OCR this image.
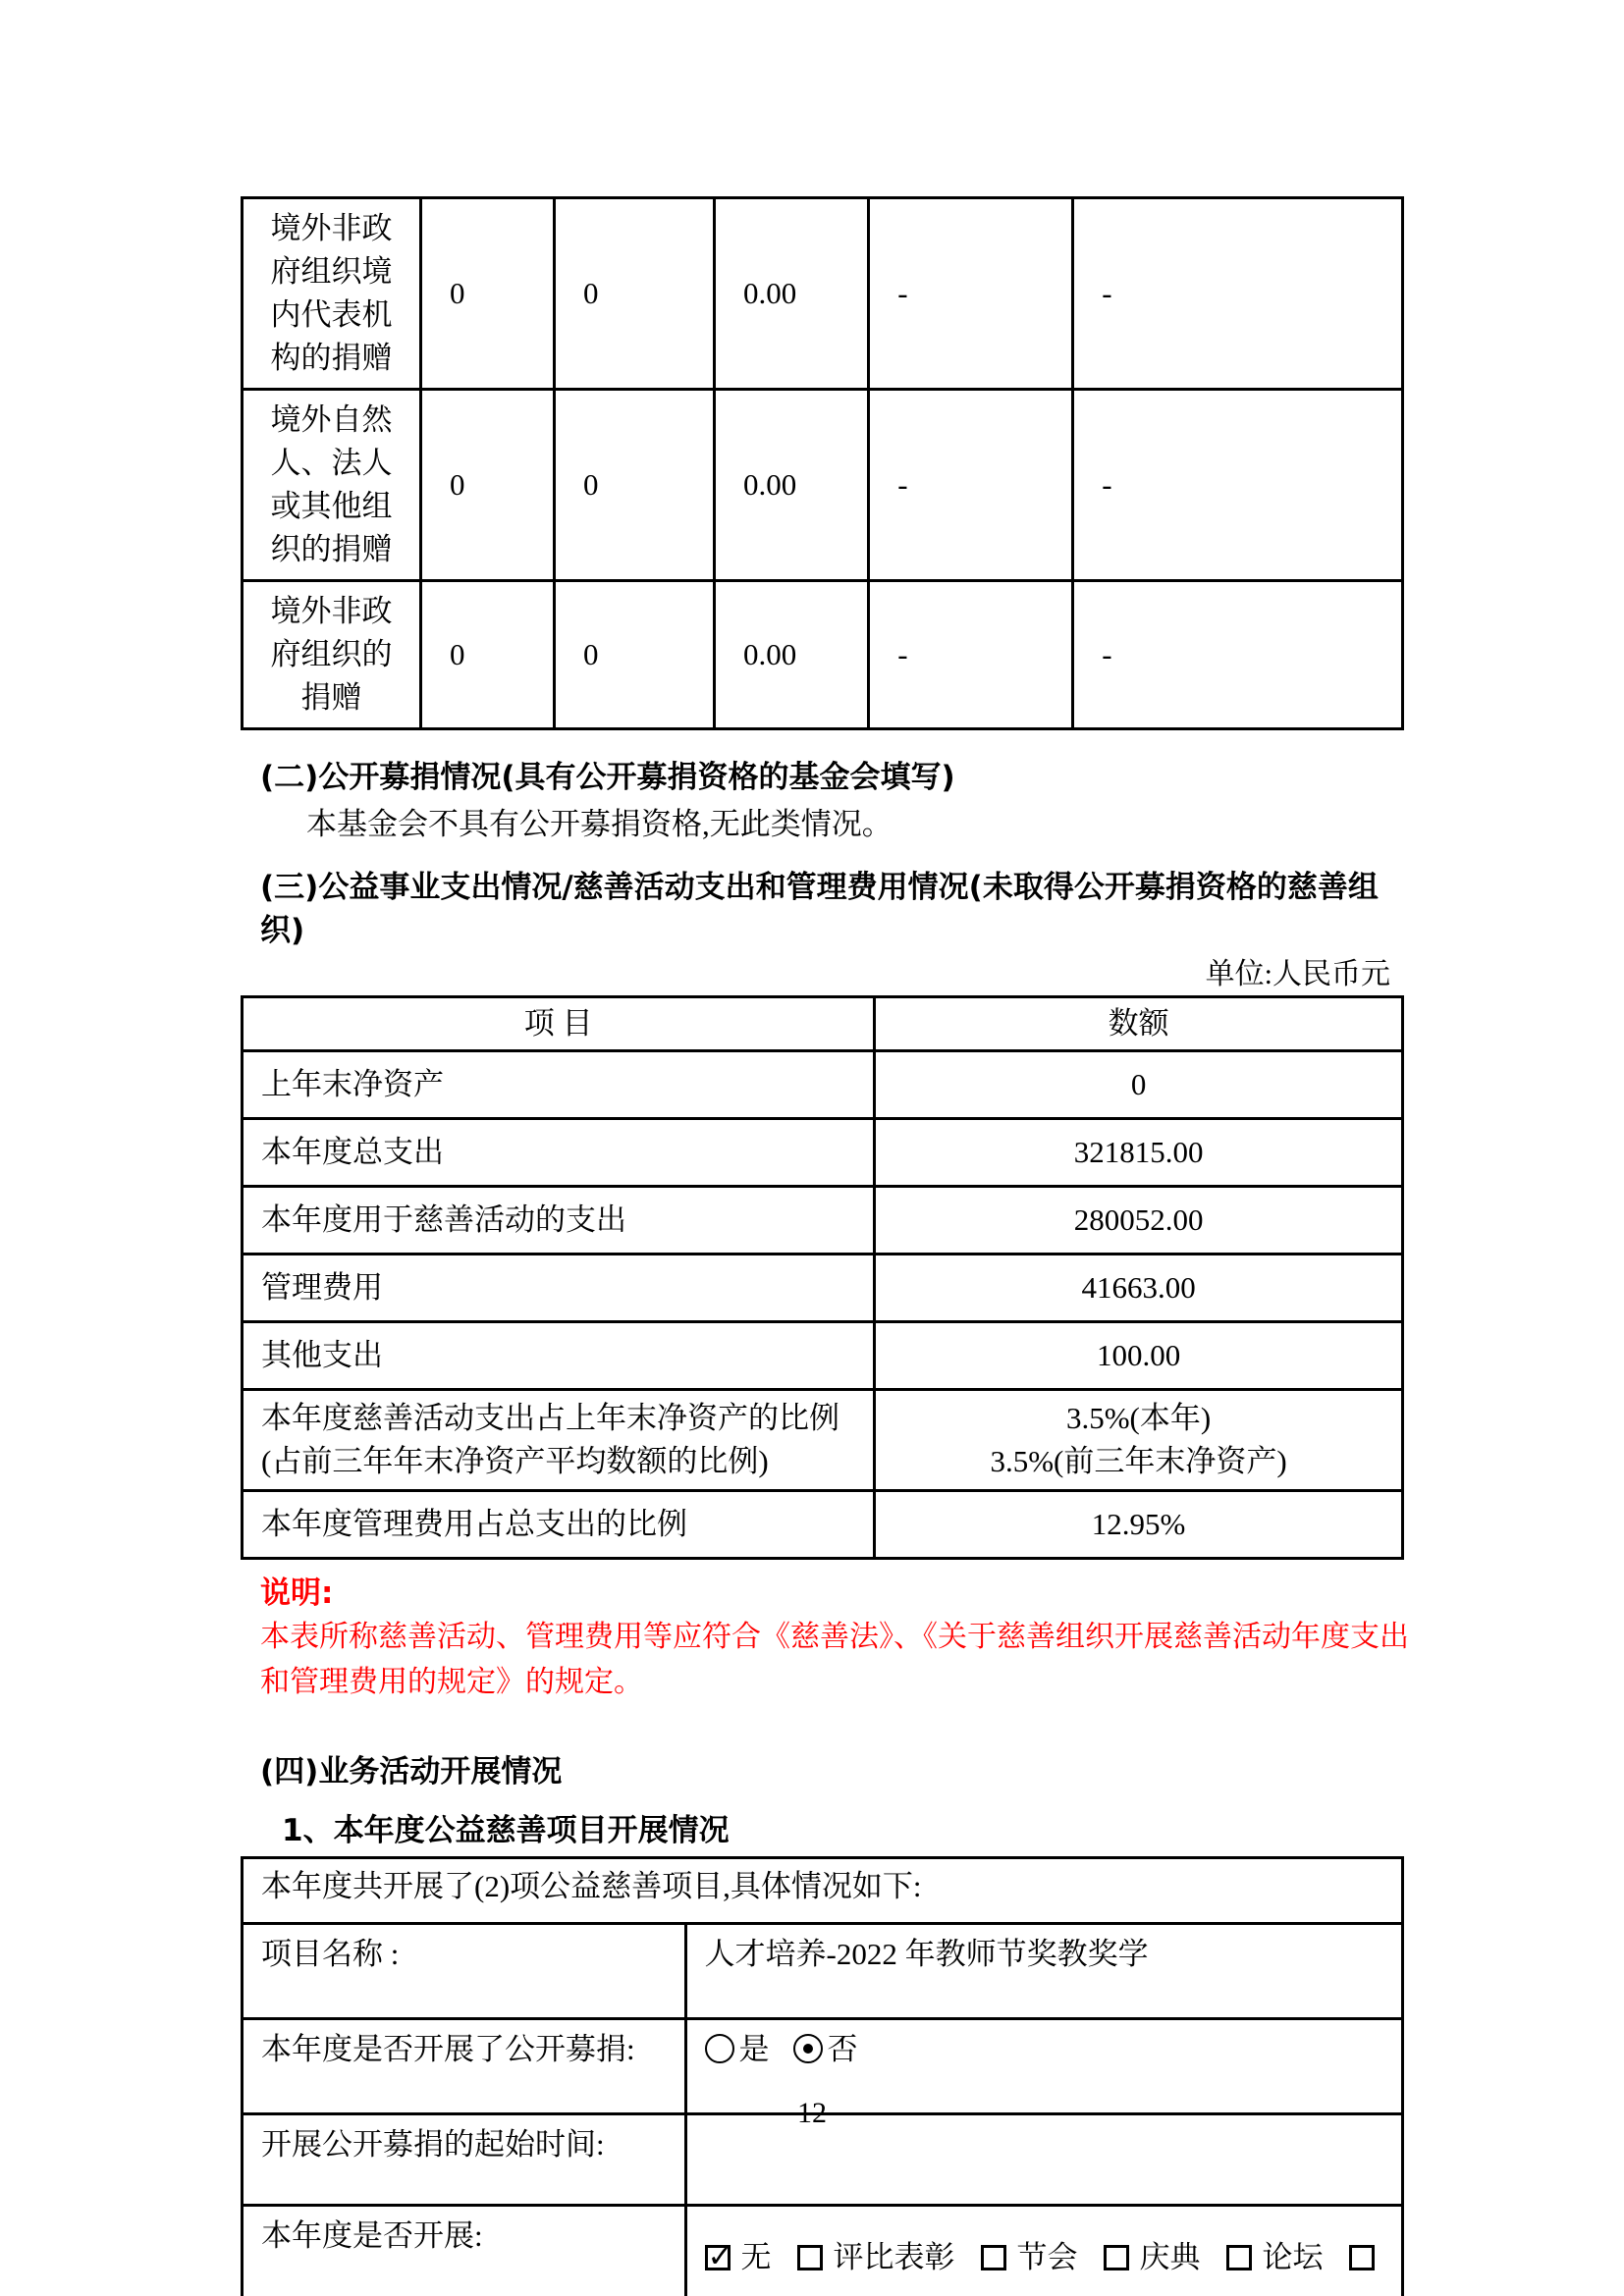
境外非政府组织境内代表机构的捐赠	0	0	0.00	-	-
境外自然人、法人或其他组织的捐赠	0	0	0.00	-	-
境外非政府组织的捐赠	0	0	0.00	-	-
(二)公开募捐情况(具有公开募捐资格的基金会填写)
本基金会不具有公开募捐资格,无此类情况。
(三)公益事业支出情况/慈善活动支出和管理费用情况(未取得公开募捐资格的慈善组织)
单位:人民币元
项 目	数额
上年末净资产	0
本年度总支出	321815.00
本年度用于慈善活动的支出	280052.00
管理费用	41663.00
其他支出	100.00
本年度慈善活动支出占上年末净资产的比例(占前三年年末净资产平均数额的比例)	3.5%(本年)
3.5%(前三年末净资产)

本年度管理费用占总支出的比例	12.95%
说明:
本表所称慈善活动、管理费用等应符合《慈善法》、《关于慈善组织开展慈善活动年度支出和管理费用的规定》的规定。
(四)业务活动开展情况
1、本年度公益慈善项目开展情况
本年度共开展了(2)项公益慈善项目,具体情况如下:	
项目名称 :	人才培养-2022 年教师节奖教奖学
本年度是否开展了公开募捐:	是 否

开展公开募捐的起始时间:	
本年度是否开展:	
✓
无 评比表彰 节会 庆典 论坛
12
